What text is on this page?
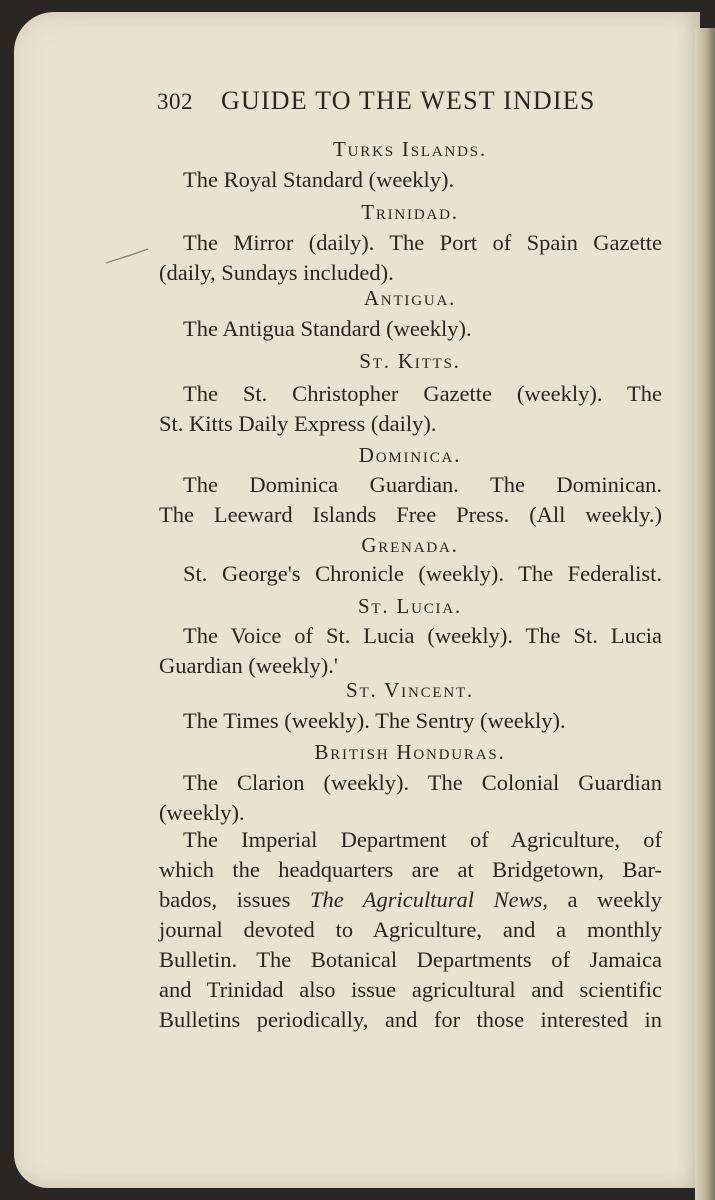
302 GUIDE TO THE WEST INDIES
Turks Islands.

The Royal Standard (weekly).

Trinidad.

The Mirror (daily). The Port of Spain Gazette
(daily, Sundays included).

Antigua.

The Antigua Standard (weekly).

St. Kitts.

The St. Christopher Gazette (weekly). The
St. Kitts Daily Express (daily).

Dominica.

The Dominica Guardian. The Dominican.
The Leeward Islands Free Press. (All weekly.)

Grenada.

St. George's Chronicle (weekly). The Federalist.

St. Lucia.

The Voice of St. Lucia (weekly). The St. Lucia
Guardian (weekly).'

St. Vincent.

The Times (weekly). The Sentry (weekly).

British Honduras.

The Clarion (weekly). The Colonial Guardian
(weekly).

The Imperial Department of Agriculture, of
which the headquarters are at Bridgetown, Bar-
bados, issues The Agricultural News, a weekly
journal devoted to Agriculture, and a monthly
Bulletin. The Botanical Departments of Jamaica
and Trinidad also issue agricultural and scientific
Bulletins periodically, and for those interested in
